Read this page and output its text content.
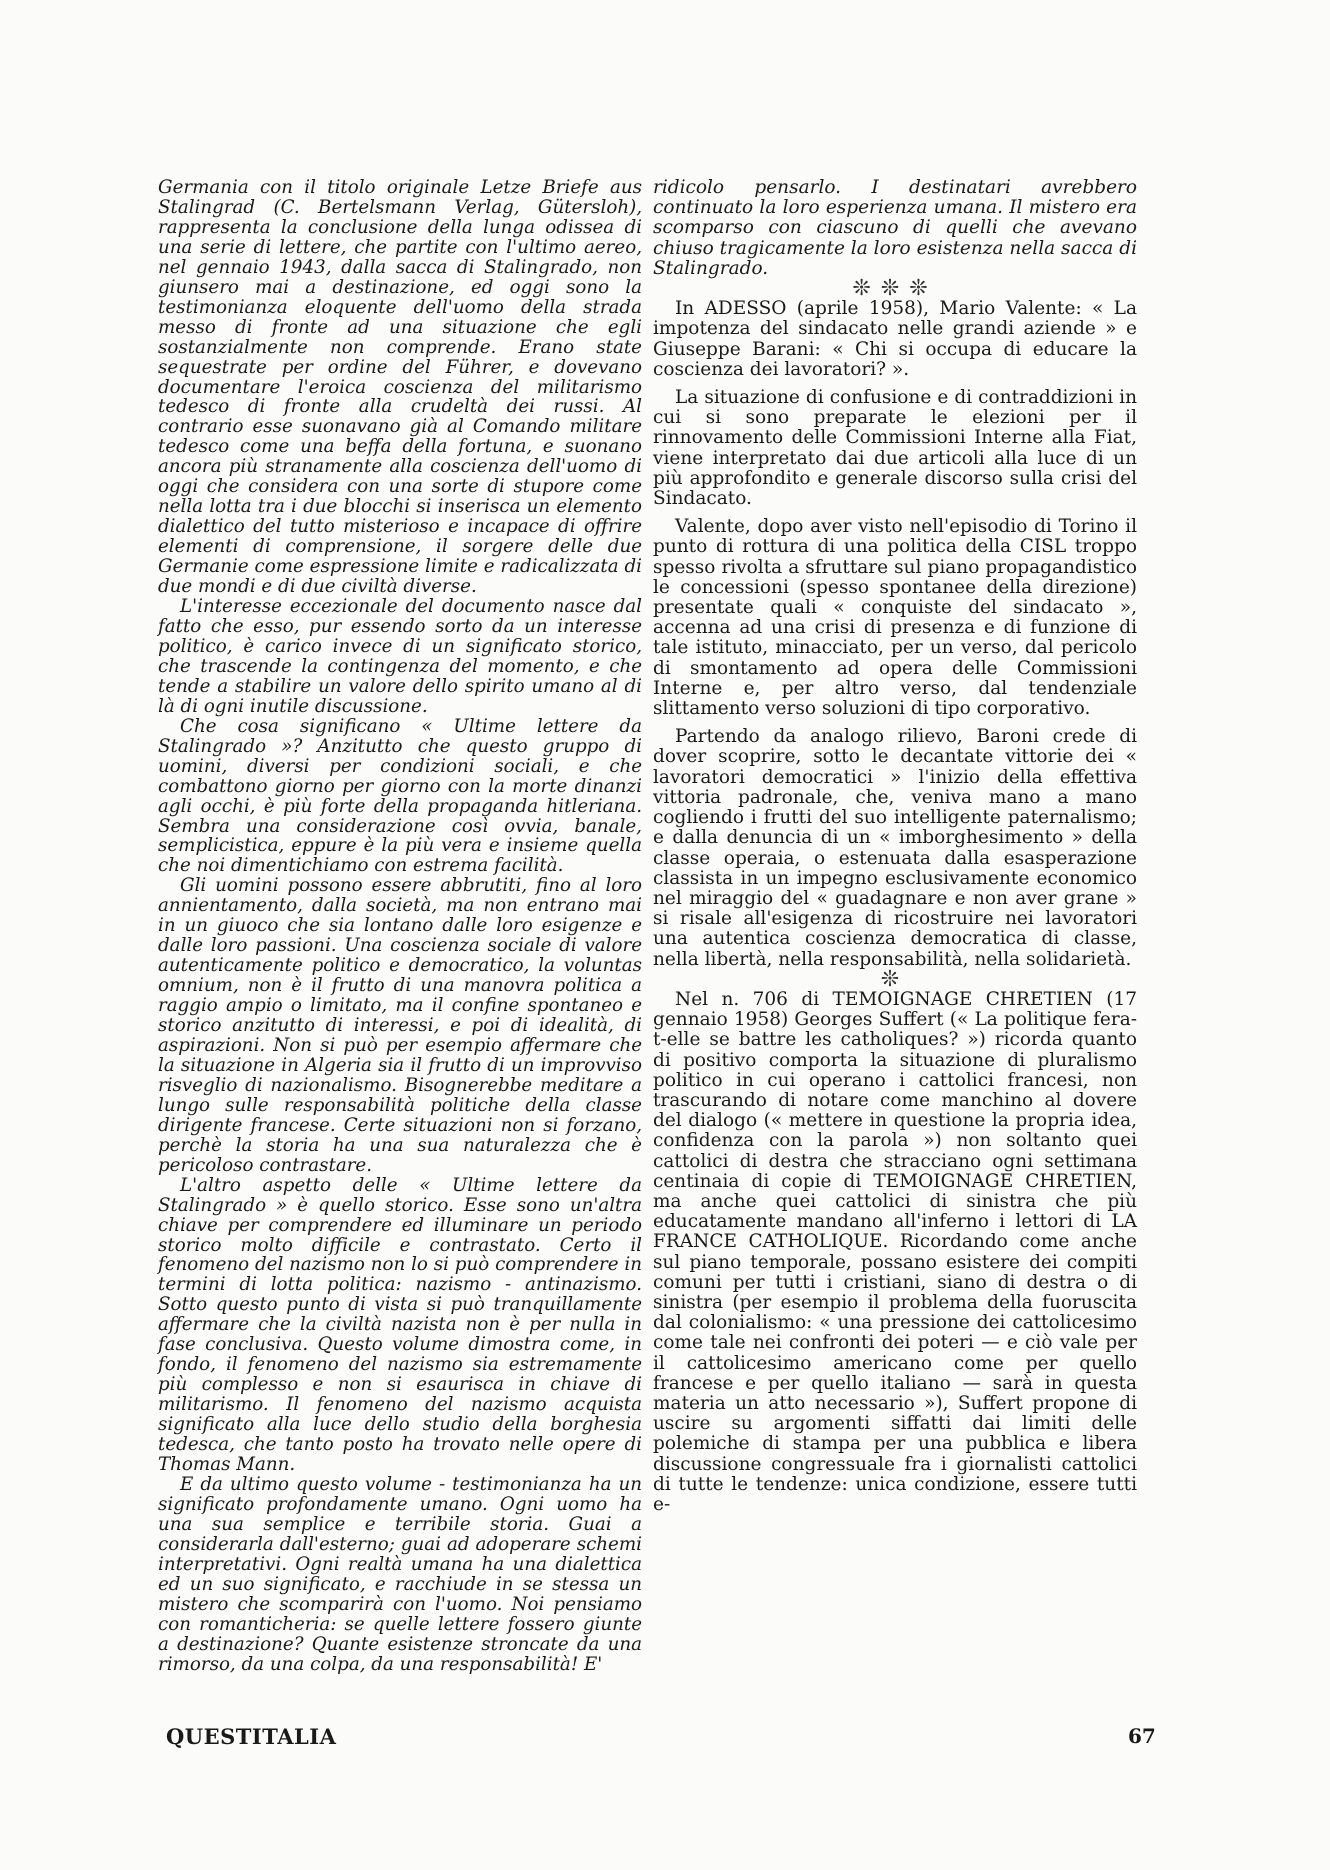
Germania con il titolo originale Letze Briefe aus Stalingrad (C. Bertelsmann Verlag, Gütersloh), rappresenta la conclusione della lunga odissea di una serie di lettere, che partite con l'ultimo aereo, nel gennaio 1943, dalla sacca di Stalingrado, non giunsero mai a destinazione, ed oggi sono la testimonianza eloquente dell'uomo della strada messo di fronte ad una situazione che egli sostanzialmente non comprende. Erano state sequestrate per ordine del Führer, e dovevano documentare l'eroica coscienza del militarismo tedesco di fronte alla crudeltà dei russi. Al contrario esse suonavano già al Comando militare tedesco come una beffa della fortuna, e suonano ancora più stranamente alla coscienza dell'uomo di oggi che considera con una sorte di stupore come nella lotta tra i due blocchi si inserisca un elemento dialettico del tutto misterioso e incapace di offrire elementi di comprensione, il sorgere delle due Germanie come espressione limite e radicalizzata di due mondi e di due civiltà diverse.

L'interesse eccezionale del documento nasce dal fatto che esso, pur essendo sorto da un interesse politico, è carico invece di un significato storico, che trascende la contingenza del momento, e che tende a stabilire un valore dello spirito umano al di là di ogni inutile discussione.

Che cosa significano « Ultime lettere da Stalingrado »? Anzitutto che questo gruppo di uomini, diversi per condizioni sociali, e che combattono giorno per giorno con la morte dinanzi agli occhi, è più forte della propaganda hitleriana. Sembra una considerazione così ovvia, banale, semplicistica, eppure è la più vera e insieme quella che noi dimentichiamo con estrema facilità.

Gli uomini possono essere abbrutiti, fino al loro annientamento, dalla società, ma non entrano mai in un giuoco che sia lontano dalle loro esigenze e dalle loro passioni. Una coscienza sociale di valore autenticamente politico e democratico, la voluntas omnium, non è il frutto di una manovra politica a raggio ampio o limitato, ma il confine spontaneo e storico anzitutto di interessi, e poi di idealità, di aspirazioni. Non si può per esempio affermare che la situazione in Algeria sia il frutto di un improvviso risveglio di nazionalismo. Bisognerebbe meditare a lungo sulle responsabilità politiche della classe dirigente francese. Certe situazioni non si forzano, perchè la storia ha una sua naturalezza che è pericoloso contrastare.

L'altro aspetto delle « Ultime lettere da Stalingrado » è quello storico. Esse sono un'altra chiave per comprendere ed illuminare un periodo storico molto difficile e contrastato. Certo il fenomeno del nazismo non lo si può comprendere in termini di lotta politica: nazismo - antinazismo. Sotto questo punto di vista si può tranquillamente affermare che la civiltà nazista non è per nulla in fase conclusiva. Questo volume dimostra come, in fondo, il fenomeno del nazismo sia estremamente più complesso e non si esaurisca in chiave di militarismo. Il fenomeno del nazismo acquista significato alla luce dello studio della borghesia tedesca, che tanto posto ha trovato nelle opere di Thomas Mann.

E da ultimo questo volume - testimonianza ha un significato profondamente umano. Ogni uomo ha una sua semplice e terribile storia. Guai a considerarla dall'esterno; guai ad adoperare schemi interpretativi. Ogni realtà umana ha una dialettica ed un suo significato, e racchiude in se stessa un mistero che scomparirà con l'uomo. Noi pensiamo con romanticheria: se quelle lettere fossero giunte a destinazione? Quante esistenze stroncate da una rimorso, da una colpa, da una responsabilità! E'

ridicolo pensarlo. I destinatari avrebbero continuato la loro esperienza umana. Il mistero era scomparso con ciascuno di quelli che avevano chiuso tragicamente la loro esistenza nella sacca di Stalingrado.

❊❊❊

In ADESSO (aprile 1958), Mario Valente: « La impotenza del sindacato nelle grandi aziende » e Giuseppe Barani: « Chi si occupa di educare la coscienza dei lavoratori? ».

La situazione di confusione e di contraddizioni in cui si sono preparate le elezioni per il rinnovamento delle Commissioni Interne alla Fiat, viene interpretato dai due articoli alla luce di un più approfondito e generale discorso sulla crisi del Sindacato.

Valente, dopo aver visto nell'episodio di Torino il punto di rottura di una politica della CISL troppo spesso rivolta a sfruttare sul piano propagandistico le concessioni (spesso spontanee della direzione) presentate quali « conquiste del sindacato », accenna ad una crisi di presenza e di funzione di tale istituto, minacciato, per un verso, dal pericolo di smontamento ad opera delle Commissioni Interne e, per altro verso, dal tendenziale slittamento verso soluzioni di tipo corporativo.

Partendo da analogo rilievo, Baroni crede di dover scoprire, sotto le decantate vittorie dei « lavoratori democratici » l'inizio della effettiva vittoria padronale, che, veniva mano a mano cogliendo i frutti del suo intelligente paternalismo; e dalla denuncia di un « imborghesimento » della classe operaia, o estenuata dalla esasperazione classista in un impegno esclusivamente economico nel miraggio del « guadagnare e non aver grane » si risale all'esigenza di ricostruire nei lavoratori una autentica coscienza democratica di classe, nella libertà, nella responsabilità, nella solidarietà.

❊

Nel n. 706 di TEMOIGNAGE CHRETIEN (17 gennaio 1958) Georges Suffert (« La politique fera-t-elle se battre les catholiques? ») ricorda quanto di positivo comporta la situazione di pluralismo politico in cui operano i cattolici francesi, non trascurando di notare come manchino al dovere del dialogo (« mettere in questione la propria idea, confidenza con la parola ») non soltanto quei cattolici di destra che stracciano ogni settimana centinaia di copie di TEMOIGNAGE CHRETIEN, ma anche quei cattolici di sinistra che più educatamente mandano all'inferno i lettori di LA FRANCE CATHOLIQUE. Ricordando come anche sul piano temporale, possano esistere dei compiti comuni per tutti i cristiani, siano di destra o di sinistra (per esempio il problema della fuoruscita dal colonialismo: « una pressione dei cattolicesimo come tale nei confronti dei poteri — e ciò vale per il cattolicesimo americano come per quello francese e per quello italiano — sarà in questa materia un atto necessario »), Suffert propone di uscire su argomenti siffatti dai limiti delle polemiche di stampa per una pubblica e libera discussione congressuale fra i giornalisti cattolici di tutte le tendenze: unica condizione, essere tutti e-

QUESTITALIA	67
